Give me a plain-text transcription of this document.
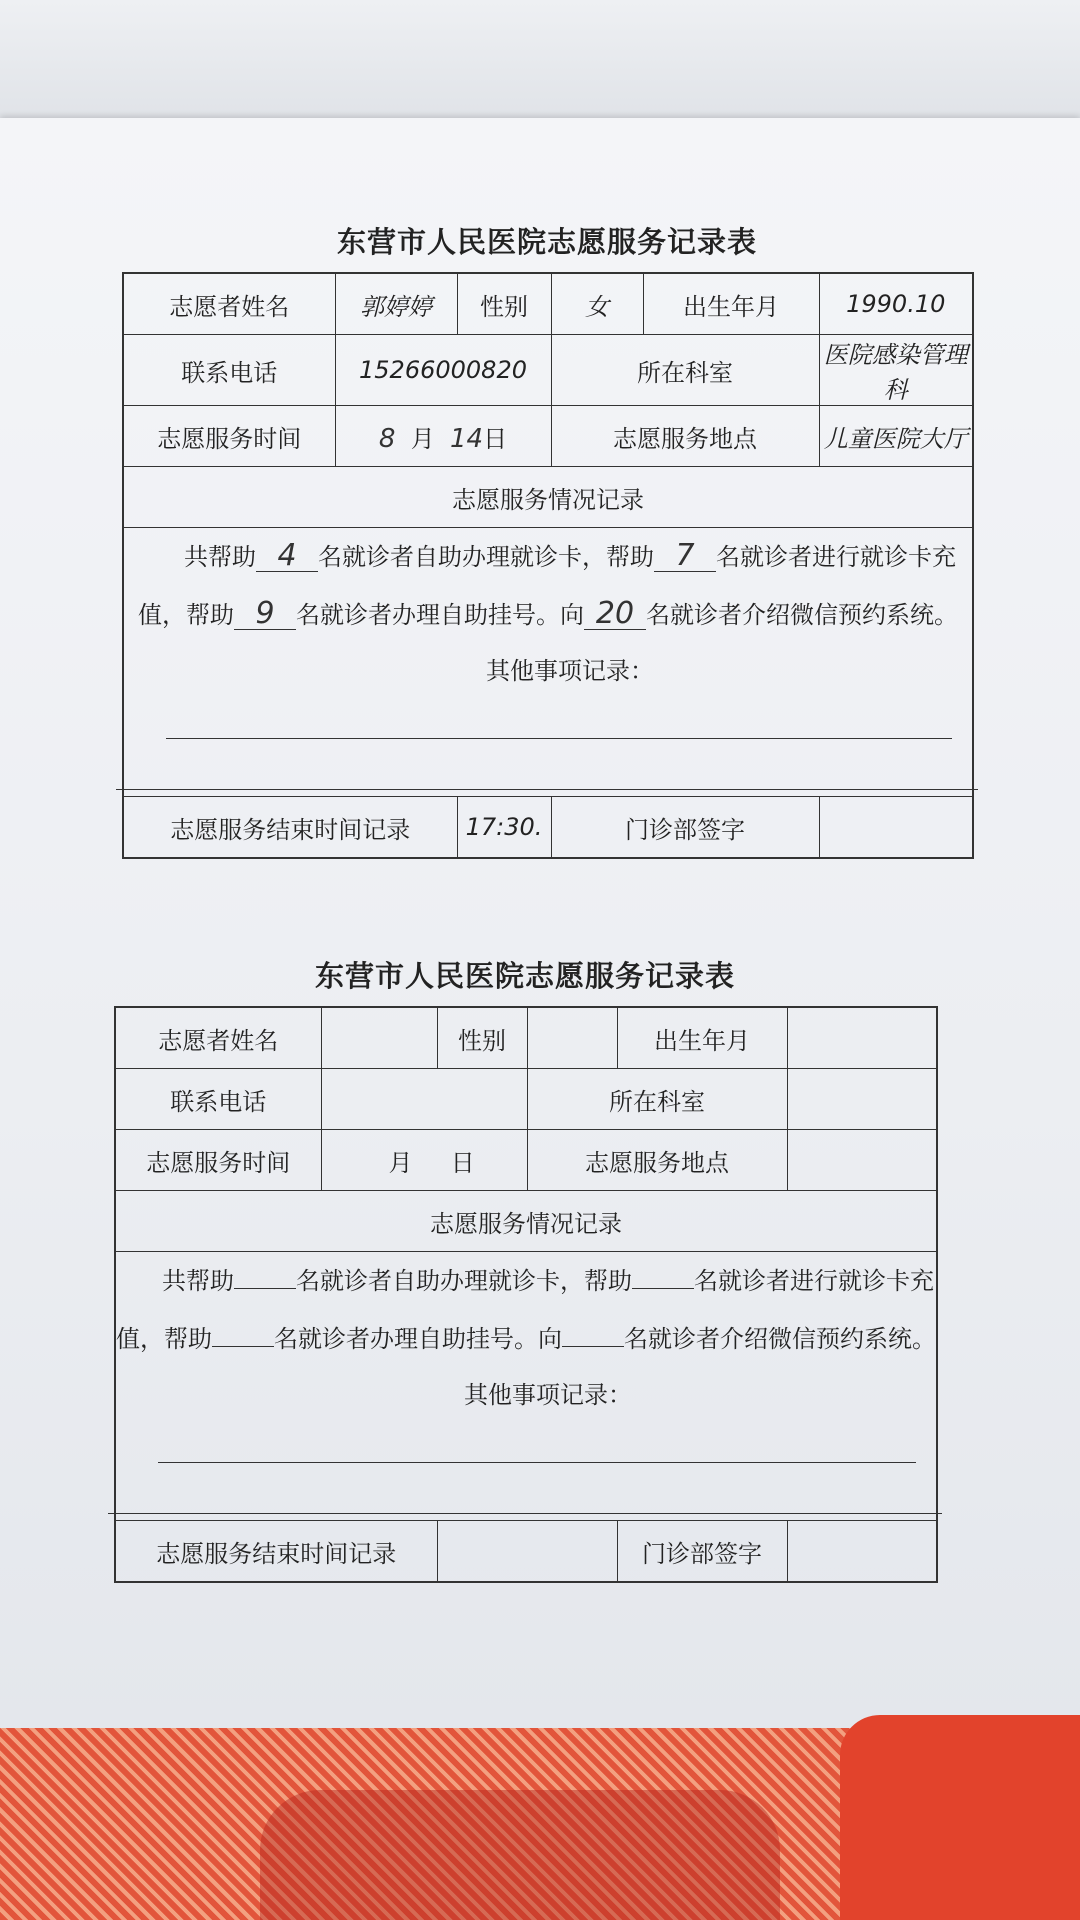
东营市人民医院志愿服务记录表
志愿者姓名	郭婷婷	性别	女	出生年月	1990.10
联系电话	15266000820		所在科室		医院感染管理科
志愿服务时间	8 月 14日		志愿服务地点		儿童医院大厅
志愿服务情况记录					
共帮助 4 名就诊者自助办理就诊卡，帮助 7 名就诊者进行就诊卡充值，帮助 9 名就诊者办理自助挂号。向 20 名就诊者介绍微信预约系统。
其他事项记录：					

志愿服务结束时间记录		17:30.	门诊部签字		
东营市人民医院志愿服务记录表
志愿者姓名		性别		出生年月	
联系电话			所在科室		
志愿服务时间	月 日		志愿服务地点		
志愿服务情况记录					
共帮助 名就诊者自助办理就诊卡，帮助 名就诊者进行就诊卡充值，帮助 名就诊者办理自助挂号。向 名就诊者介绍微信预约系统。
其他事项记录：					

志愿服务结束时间记录				门诊部签字	
